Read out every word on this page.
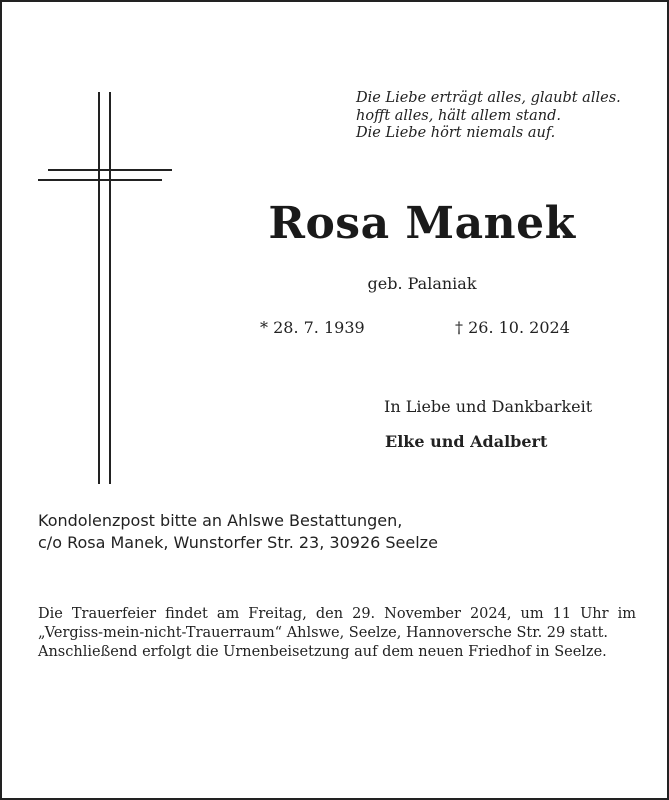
Die Liebe erträgt alles, glaubt alles.
hofft alles, hält allem stand.
Die Liebe hört niemals auf.
Rosa Manek
geb. Palaniak
* 28. 7. 1939	† 26. 10. 2024
In Liebe und Dankbarkeit
Elke und Adalbert
Kondolenzpost bitte an Ahlswe Bestattungen,
c/o Rosa Manek, Wunstorfer Str. 23, 30926 Seelze

Die Trauerfeier findet am Freitag, den 29. November 2024, um 11 Uhr im „Vergiss-mein-nicht-Trauerraum“ Ahlswe, Seelze, Hannoversche Str. 29 statt.

Anschließend erfolgt die Urnenbeisetzung auf dem neuen Friedhof in Seelze.
